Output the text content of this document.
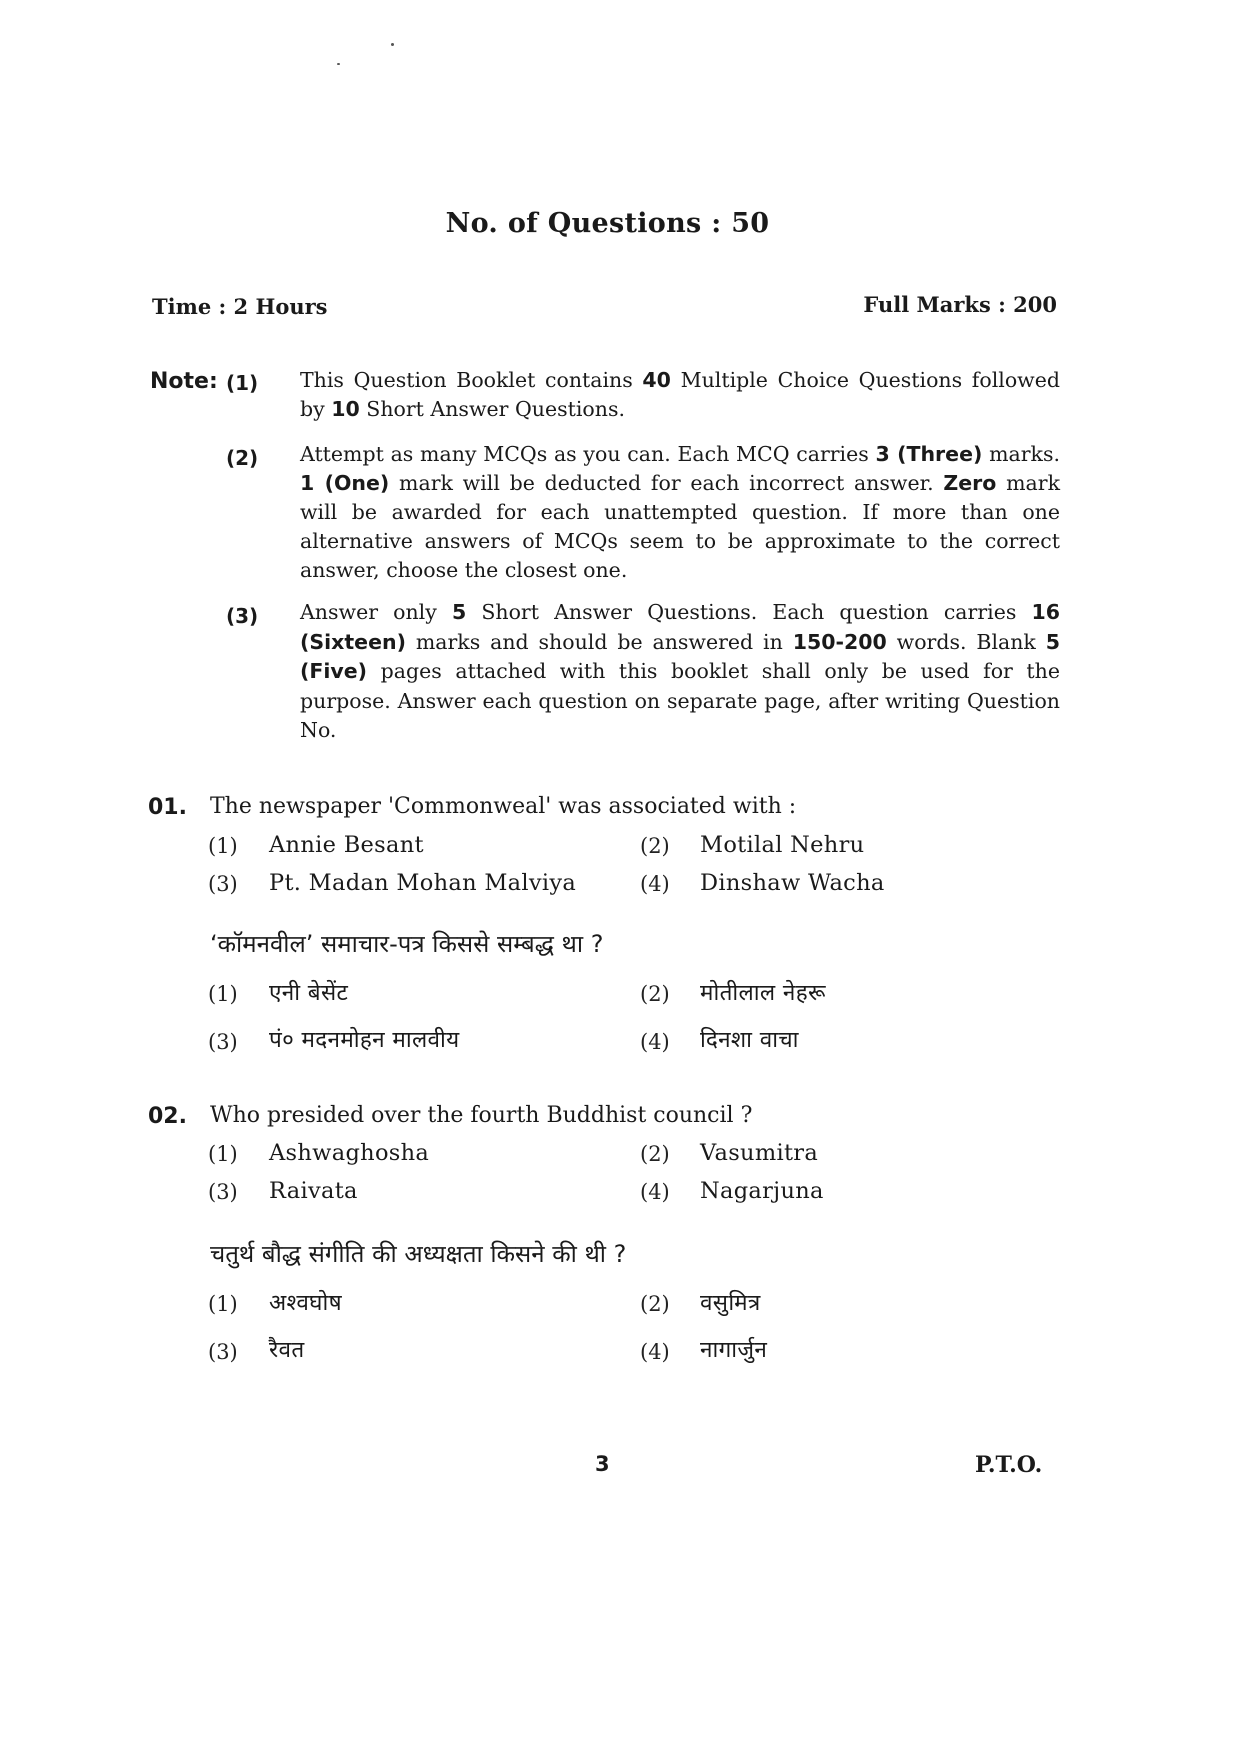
No. of Questions : 50
Time : 2 Hours	Full Marks : 200
Note: (1) This Question Booklet contains 40 Multiple Choice Questions followed by 10 Short Answer Questions.
(2) Attempt as many MCQs as you can. Each MCQ carries 3 (Three) marks. 1 (One) mark will be deducted for each incorrect answer. Zero mark will be awarded for each unattempted question. If more than one alternative answers of MCQs seem to be approximate to the correct answer, choose the closest one.
(3) Answer only 5 Short Answer Questions. Each question carries 16 (Sixteen) marks and should be answered in 150-200 words. Blank 5 (Five) pages attached with this booklet shall only be used for the purpose. Answer each question on separate page, after writing Question No.
01. The newspaper 'Commonweal' was associated with :
(1) Annie Besant	(2) Motilal Nehru
(3) Pt. Madan Mohan Malviya	(4) Dinshaw Wacha
‘कॉमनवील’ समाचार-पत्र किससे सम्बद्ध था ?
(1) एनी बेसेंट	(2) मोतीलाल नेहरू
(3) पं० मदनमोहन मालवीय	(4) दिनशा वाचा
02. Who presided over the fourth Buddhist council ?
(1) Ashwaghosha	(2) Vasumitra
(3) Raivata	(4) Nagarjuna
चतुर्थ बौद्ध संगीति की अध्यक्षता किसने की थी ?
(1) अश्वघोष	(2) वसुमित्र
(3) रैवत	(4) नागार्जुन
3	P.T.O.
